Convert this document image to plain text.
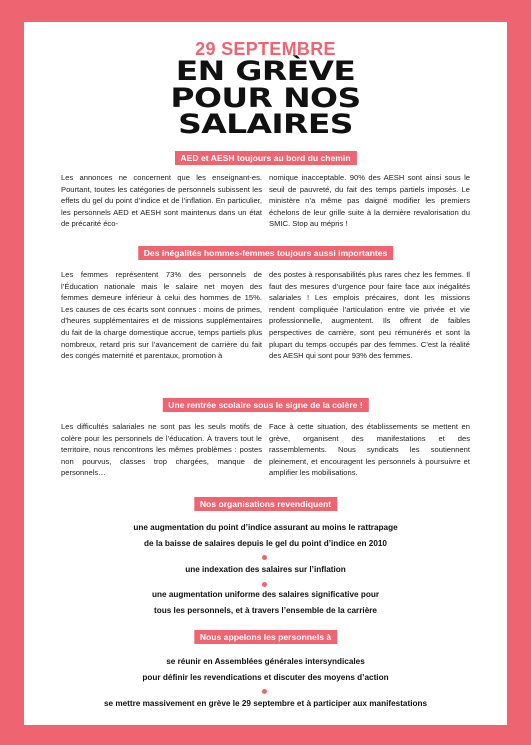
29 SEPTEMBRE
EN GRÈVE
POUR NOS
SALAIRES
AED et AESH toujours au bord du chemin

Les annonces ne concernent que les enseignant-es. Pourtant, toutes les catégories de personnels subissent les effets du gel du point d’indice et de l’inflation. En particulier, les personnels AED et AESH sont maintenus dans un état de précarité éco-

nomique inacceptable. 90% des AESH sont ainsi sous le seuil de pauvreté, du fait des temps partiels imposés. Le ministère n’a même pas daigné modifier les premiers échelons de leur grille suite à la dernière revalorisation du SMIC. Stop au mépris !

Des inégalités hommes-femmes toujours aussi importantes

Les femmes représentent 73% des personnels de l’Éducation nationale mais le salaire net moyen des femmes demeure inférieur à celui des hommes de 15%. Les causes de ces écarts sont connues : moins de primes, d’heures supplémentaires et de missions supplémentaires du fait de la charge domestique accrue, temps partiels plus nombreux, retard pris sur l’avancement de carrière du fait des congés maternité et parentaux, promotion à

des postes à responsabilités plus rares chez les femmes. Il faut des mesures d’urgence pour faire face aux inégalités salariales ! Les emplois précaires, dont les missions rendent compliquée l’articulation entre vie privée et vie professionnelle, augmentent. Ils offrent de faibles perspectives de carrière, sont peu rémunérés et sont la plupart du temps occupés par des femmes. C’est la réalité des AESH qui sont pour 93% des femmes.

Une rentrée scolaire sous le signe de la colère !

Les difficultés salariales ne sont pas les seuls motifs de colère pour les personnels de l’éducation. À travers tout le territoire, nous rencontrons les mêmes problèmes : postes non pourvus, classes trop chargées, manque de personnels…

Face à cette situation, des établissements se mettent en grève, organisent des manifestations et des rassemblements. Nous syndicats les soutiennent pleinement, et encouragent les personnels à poursuivre et amplifier les mobilisations.

Nos organisations revendiquent
une augmentation du point d’indice assurant au moins le rattrapage
de la baisse de salaires depuis le gel du point d’indice en 2010
une indexation des salaires sur l’inflation
une augmentation uniforme des salaires significative pour
tous les personnels, et à travers l’ensemble de la carrière
Nous appelons les personnels à
se réunir en Assemblées générales intersyndicales
pour définir les revendications et discuter des moyens d’action
se mettre massivement en grève le 29 septembre et à participer aux manifestations
